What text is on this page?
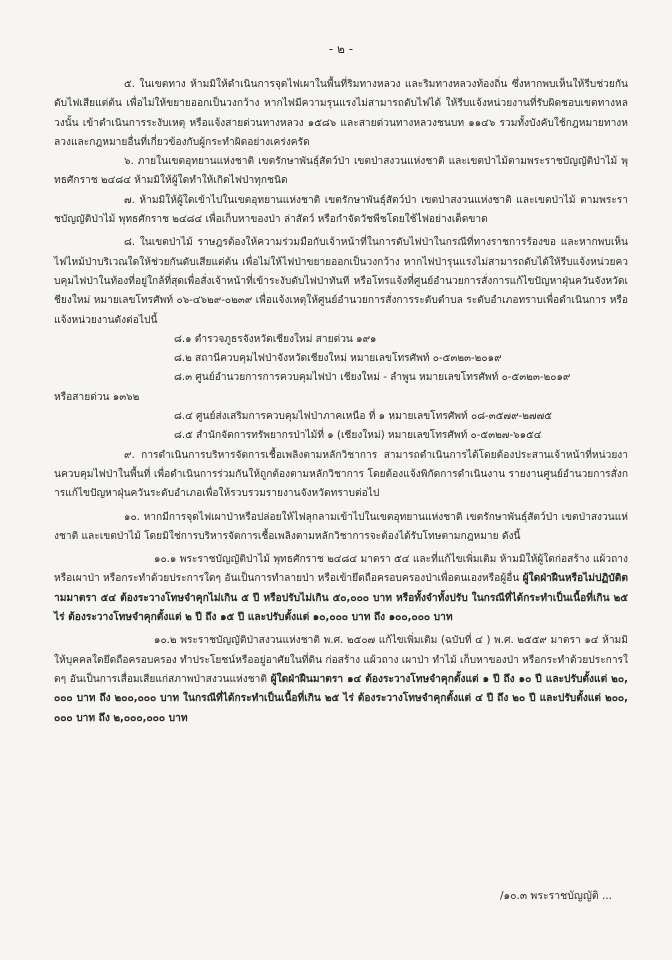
- ๒ -

๕. ในเขตทาง ห้ามมิให้ดำเนินการจุดไฟเผาในพื้นที่ริมทางหลวง และริมทางหลวงท้องถิ่น ซึ่งหากพบเห็นให้รีบช่วยกันดับไฟเสียแต่ต้น เพื่อไม่ให้ขยายออกเป็นวงกว้าง หากไฟมีความรุนแรงไม่สามารถดับไฟได้ ให้รีบแจ้งหน่วยงานที่รับผิดชอบเขตทางหลวงนั้น เข้าดำเนินการระงับเหตุ หรือแจ้งสายด่วนทางหลวง ๑๕๘๖ และสายด่วนทางหลวงชนบท ๑๑๔๖ รวมทั้งบังคับใช้กฎหมายทางหลวงและกฎหมายอื่นที่เกี่ยวข้องกับผู้กระทำผิดอย่างเคร่งครัด

๖. ภายในเขตอุทยานแห่งชาติ เขตรักษาพันธุ์สัตว์ป่า เขตป่าสงวนแห่งชาติ และเขตป่าไม้ตามพระราชบัญญัติป่าไม้ พุทธศักราช ๒๔๘๔ ห้ามมิให้ผู้ใดทำให้เกิดไฟป่าทุกชนิด

๗. ห้ามมิให้ผู้ใดเข้าไปในเขตอุทยานแห่งชาติ เขตรักษาพันธุ์สัตว์ป่า เขตป่าสงวนแห่งชาติ และเขตป่าไม้ ตามพระราชบัญญัติป่าไม้ พุทธศักราช ๒๔๘๔ เพื่อเก็บหาของป่า ล่าสัตว์ หรือกำจัดวัชพืชโดยใช้ไฟอย่างเด็ดขาด

๘. ในเขตป่าไม้ ราษฎรต้องให้ความร่วมมือกับเจ้าหน้าที่ในการดับไฟป่าในกรณีที่ทางราชการร้องขอ และหากพบเห็นไฟไหม้ป่าบริเวณใดให้ช่วยกันดับเสียแต่ต้น เพื่อไม่ให้ไฟป่าขยายออกเป็นวงกว้าง หากไฟป่ารุนแรงไม่สามารถดับได้ให้รีบแจ้งหน่วยควบคุมไฟป่าในท้องที่อยู่ใกล้ที่สุดเพื่อสั่งเจ้าหน้าที่เข้าระงับดับไฟป่าทันที หรือโทรแจ้งที่ศูนย์อำนวยการสั่งการแก้ไขปัญหาฝุ่นควันจังหวัดเชียงใหม่ หมายเลขโทรศัพท์ ๐๖-๔๖๒๙-๐๒๓๙ เพื่อแจ้งเหตุให้ศูนย์อำนวยการสั่งการระดับตำบล ระดับอำเภอทราบเพื่อดำเนินการ หรือแจ้งหน่วยงานดังต่อไปนี้

๘.๑ ตำรวจภูธรจังหวัดเชียงใหม่ สายด่วน ๑๙๑

๘.๒ สถานีควบคุมไฟป่าจังหวัดเชียงใหม่ หมายเลขโทรศัพท์ ๐-๕๓๒๓-๒๐๑๙

๘.๓ ศูนย์อำนวยการการควบคุมไฟป่า เชียงใหม่ - ลำพูน หมายเลขโทรศัพท์ ๐-๕๓๒๓-๒๐๑๙

หรือสายด่วน ๑๓๖๒

๘.๔ ศูนย์ส่งเสริมการควบคุมไฟป่าภาคเหนือ ที่ ๑ หมายเลขโทรศัพท์ ๐๘-๓๕๗๙-๒๗๗๕

๘.๕ สำนักจัดการทรัพยากรป่าไม้ที่ ๑ (เชียงใหม่) หมายเลขโทรศัพท์ ๐-๕๓๒๗-๖๑๕๔

๙. การดำเนินการบริหารจัดการเชื้อเพลิงตามหลักวิชาการ สามารถดำเนินการได้โดยต้องประสานเจ้าหน้าที่หน่วยงานควบคุมไฟป่าในพื้นที่ เพื่อดำเนินการร่วมกันให้ถูกต้องตามหลักวิชาการ โดยต้องแจ้งพิกัดการดำเนินงาน รายงานศูนย์อำนวยการสั่งการแก้ไขปัญหาฝุ่นควันระดับอำเภอเพื่อให้รวบรวมรายงานจังหวัดทราบต่อไป

๑๐. หากมีการจุดไฟเผาป่าหรือปล่อยให้ไฟลุกลามเข้าไปในเขตอุทยานแห่งชาติ เขตรักษาพันธุ์สัตว์ป่า เขตป่าสงวนแห่งชาติ และเขตป่าไม้ โดยมิใช่การบริหารจัดการเชื้อเพลิงตามหลักวิชาการจะต้องได้รับโทษตามกฎหมาย ดังนี้

๑๐.๑ พระราชบัญญัติป่าไม้ พุทธศักราช ๒๔๘๔ มาตรา ๕๔ และที่แก้ไขเพิ่มเติม ห้ามมิให้ผู้ใดก่อสร้าง แผ้วถางหรือเผาป่า หรือกระทำด้วยประการใดๆ อันเป็นการทำลายป่า หรือเข้ายึดถือครอบครองป่าเพื่อตนเองหรือผู้อื่น ผู้ใดฝ่าฝืนหรือไม่ปฏิบัติตามมาตรา ๕๔ ต้องระวางโทษจำคุกไม่เกิน ๕ ปี หรือปรับไม่เกิน ๕๐,๐๐๐ บาท หรือทั้งจำทั้งปรับ ในกรณีที่ได้กระทำเป็นเนื้อที่เกิน ๒๕ ไร่ ต้องระวางโทษจำคุกตั้งแต่ ๒ ปี ถึง ๑๕ ปี และปรับตั้งแต่ ๑๐,๐๐๐ บาท ถึง ๑๐๐,๐๐๐ บาท

๑๐.๒ พระราชบัญญัติป่าสงวนแห่งชาติ พ.ศ. ๒๕๐๗ แก้ไขเพิ่มเติม (ฉบับที่ ๔ ) พ.ศ. ๒๕๕๙ มาตรา ๑๔ ห้ามมิให้บุคคลใดยึดถือครอบครอง ทำประโยชน์หรืออยู่อาศัยในที่ดิน ก่อสร้าง แผ้วถาง เผาป่า ทำไม้ เก็บหาของป่า หรือกระทำด้วยประการใดๆ อันเป็นการเสื่อมเสียแก่สภาพป่าสงวนแห่งชาติ ผู้ใดฝ่าฝืนมาตรา ๑๔ ต้องระวางโทษจำคุกตั้งแต่ ๑ ปี ถึง ๑๐ ปี และปรับตั้งแต่ ๒๐,๐๐๐ บาท ถึง ๒๐๐,๐๐๐ บาท ในกรณีที่ได้กระทำเป็นเนื้อที่เกิน ๒๕ ไร่ ต้องระวางโทษจำคุกตั้งแต่ ๔ ปี ถึง ๒๐ ปี และปรับตั้งแต่ ๒๐๐,๐๐๐ บาท ถึง ๒,๐๐๐,๐๐๐ บาท

/๑๐.๓ พระราชบัญญัติ ...
